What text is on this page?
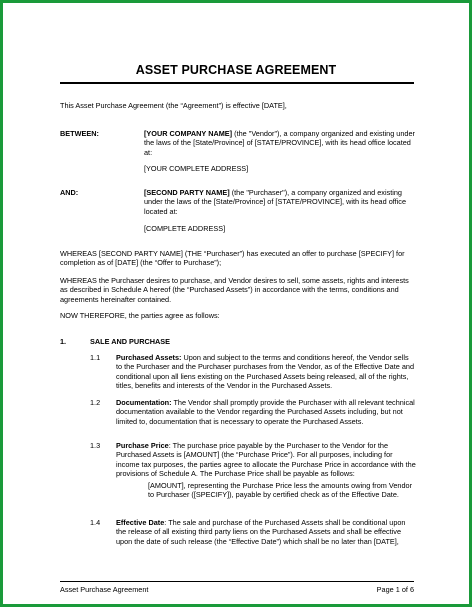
ASSET PURCHASE AGREEMENT
This Asset Purchase Agreement (the “Agreement”) is effective [DATE],
BETWEEN:	[YOUR COMPANY NAME] (the "Vendor"), a company organized and existing under the laws of the [State/Province] of [STATE/PROVINCE], with its head office located at:
[YOUR COMPLETE ADDRESS]
AND:	[SECOND PARTY NAME] (the "Purchaser"), a company organized and existing under the laws of the [State/Province] of [STATE/PROVINCE], with its head office located at:
[COMPLETE ADDRESS]
WHEREAS [SECOND PARTY NAME] (THE “Purchaser”) has executed an offer to purchase [SPECIFY] for completion as of [DATE] (the “Offer to Purchase”);
WHEREAS the Purchaser desires to purchase, and Vendor desires to sell, some assets, rights and interests as described in Schedule A hereof (the “Purchased Assets”) in accordance with the terms, conditions and agreements hereinafter contained.
NOW THEREFORE, the parties agree as follows:
1.	SALE AND PURCHASE
1.1 Purchased Assets: Upon and subject to the terms and conditions hereof, the Vendor sells to the Purchaser and the Purchaser purchases from the Vendor, as of the Effective Date and conditional upon all liens existing on the Purchased Assets being released, all of the rights, titles, benefits and interests of the Vendor in the Purchased Assets.
1.2 Documentation: The Vendor shall promptly provide the Purchaser with all relevant technical documentation available to the Vendor regarding the Purchased Assets including, but not limited to, documentation that is necessary to operate the Purchased Assets.
1.3 Purchase Price: The purchase price payable by the Purchaser to the Vendor for the Purchased Assets is [AMOUNT] (the “Purchase Price”). For all purposes, including for income tax purposes, the parties agree to allocate the Purchase Price in accordance with the provisions of Schedule A. The Purchase Price shall be payable as follows:
[AMOUNT], representing the Purchase Price less the amounts owing from Vendor to Purchaser ([SPECIFY]), payable by certified check as of the Effective Date.
1.4 Effective Date: The sale and purchase of the Purchased Assets shall be conditional upon the release of all existing third party liens on the Purchased Assets and shall be effective upon the date of such release (the “Effective Date”) which shall be no later than [DATE],
Asset Purchase Agreement	Page 1 of 6
